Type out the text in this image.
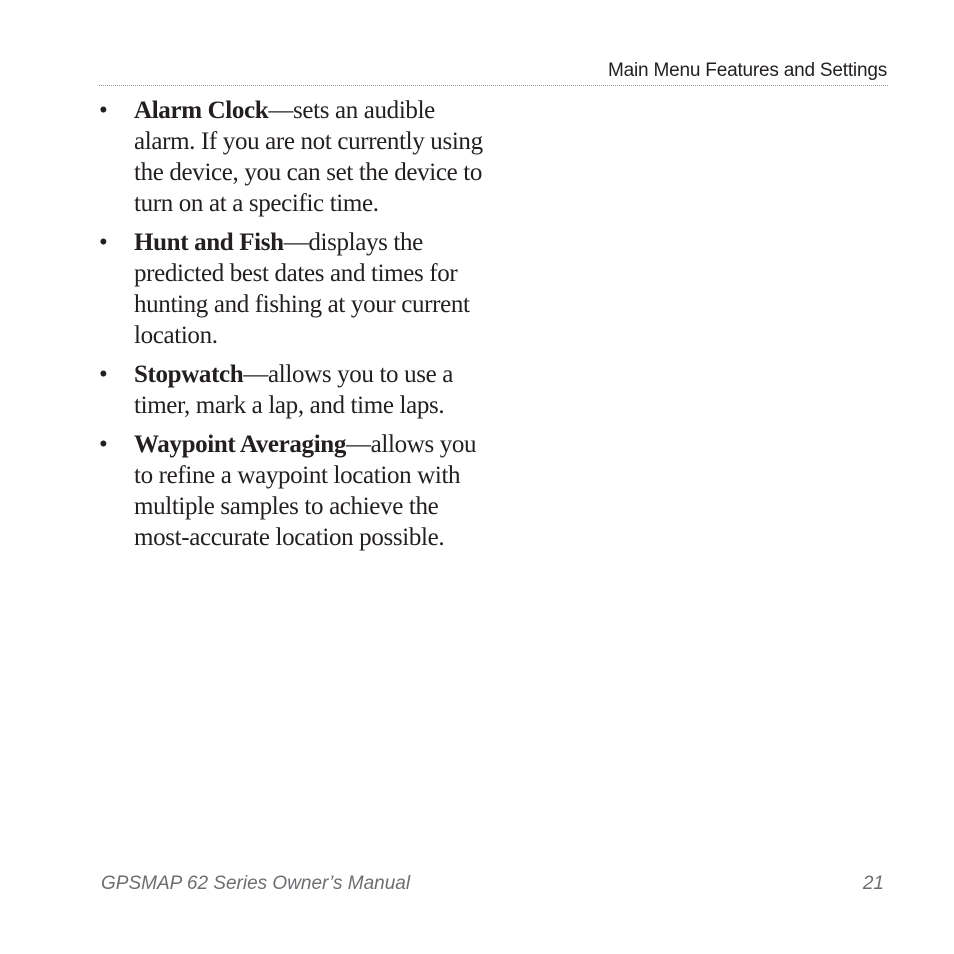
Main Menu Features and Settings
• Alarm Clock—sets an audible alarm. If you are not currently using the device, you can set the device to turn on at a specific time.
• Hunt and Fish—displays the predicted best dates and times for hunting and fishing at your current location.
• Stopwatch—allows you to use a timer, mark a lap, and time laps.
• Waypoint Averaging—allows you to refine a waypoint location with multiple samples to achieve the most-accurate location possible.
GPSMAP 62 Series Owner’s Manual	21
